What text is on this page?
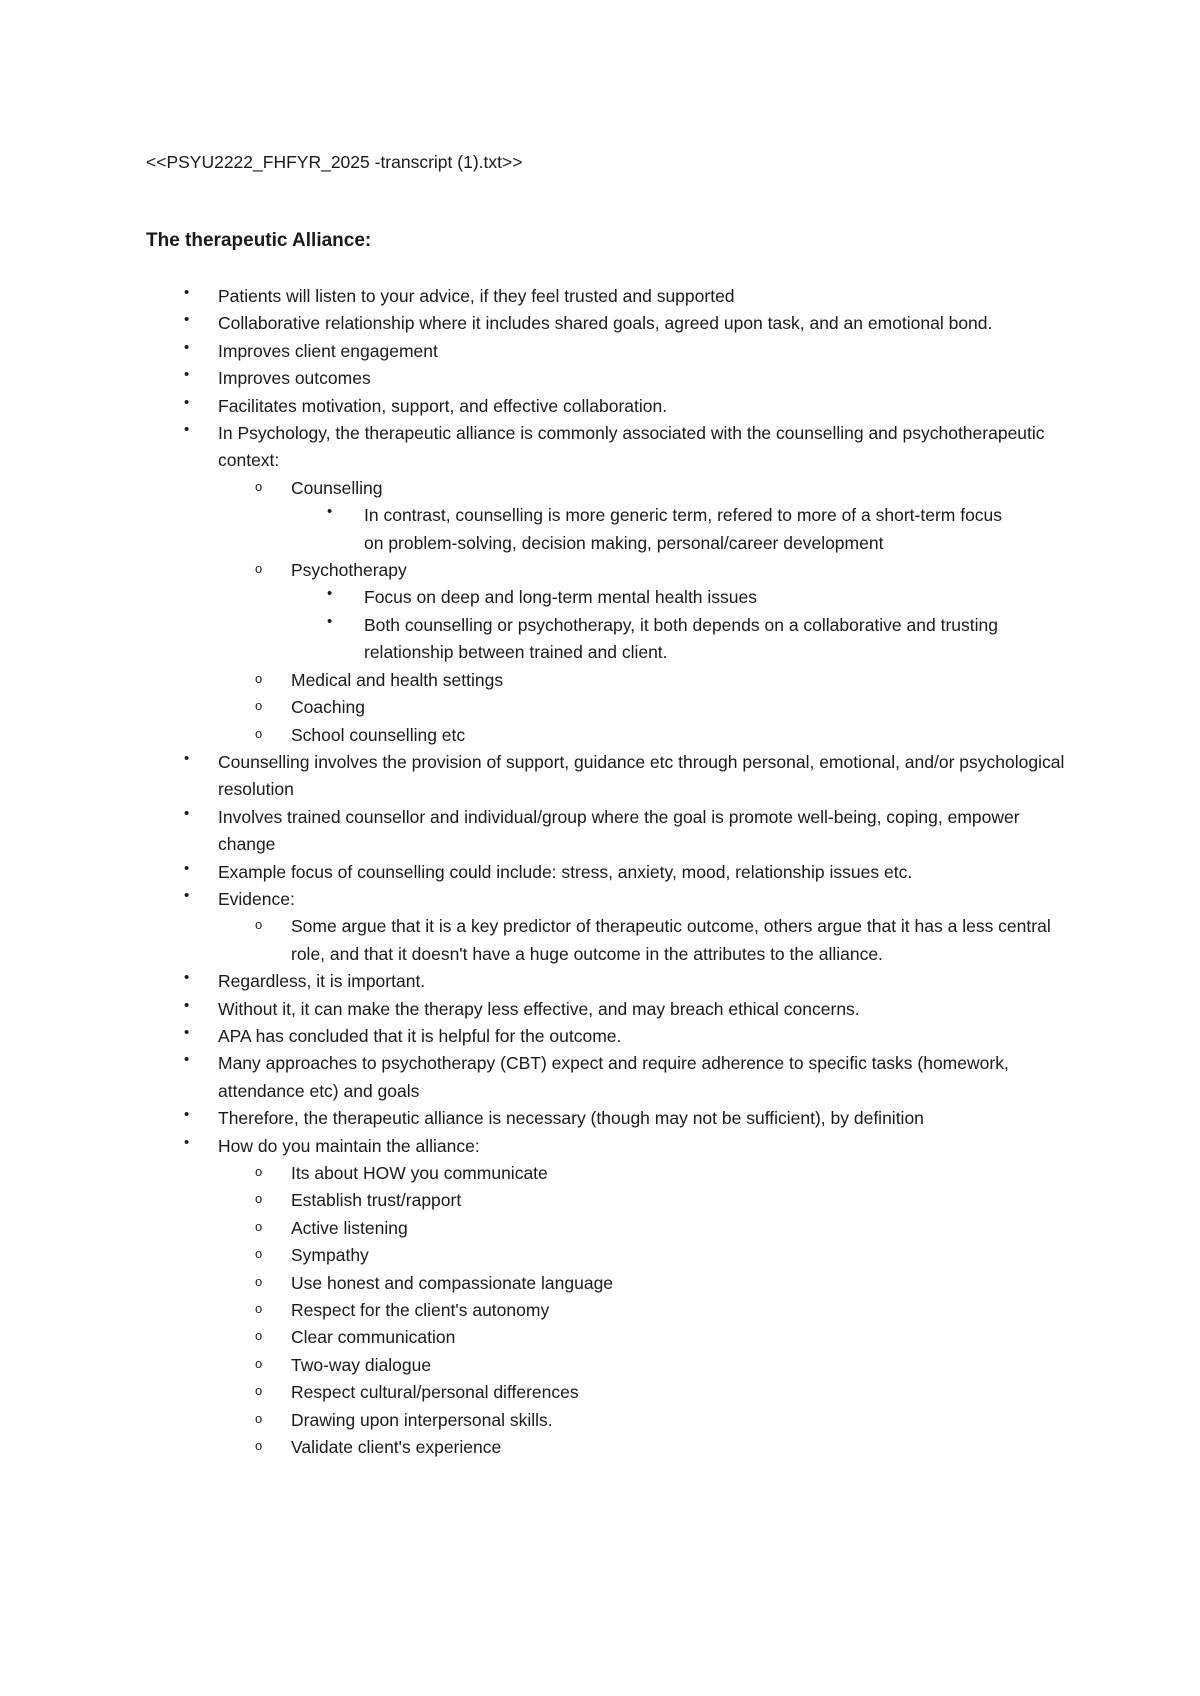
<<PSYU2222_FHFYR_2025 -transcript (1).txt>>
The therapeutic Alliance:
• Patients will listen to your advice, if they feel trusted and supported
• Collaborative relationship where it includes shared goals, agreed upon task, and an emotional bond.
• Improves client engagement
• Improves outcomes
• Facilitates motivation, support, and effective collaboration.
• In Psychology, the therapeutic alliance is commonly associated with the counselling and psychotherapeutic context:
o Counselling
• In contrast, counselling is more generic term, refered to more of a short-term focus on problem-solving, decision making, personal/career development
o Psychotherapy
• Focus on deep and long-term mental health issues
• Both counselling or psychotherapy, it both depends on a collaborative and trusting relationship between trained and client.
o Medical and health settings
o Coaching
o School counselling etc
• Counselling involves the provision of support, guidance etc through personal, emotional, and/or psychological resolution
• Involves trained counsellor and individual/group where the goal is promote well-being, coping, empower change
• Example focus of counselling could include: stress, anxiety, mood, relationship issues etc.
• Evidence:
o Some argue that it is a key predictor of therapeutic outcome, others argue that it has a less central role, and that it doesn't have a huge outcome in the attributes to the alliance.
• Regardless, it is important.
• Without it, it can make the therapy less effective, and may breach ethical concerns.
• APA has concluded that it is helpful for the outcome.
• Many approaches to psychotherapy (CBT) expect and require adherence to specific tasks (homework, attendance etc) and goals
• Therefore, the therapeutic alliance is necessary (though may not be sufficient), by definition
• How do you maintain the alliance:
o Its about HOW you communicate
o Establish trust/rapport
o Active listening
o Sympathy
o Use honest and compassionate language
o Respect for the client's autonomy
o Clear communication
o Two-way dialogue
o Respect cultural/personal differences
o Drawing upon interpersonal skills.
o Validate client's experience
